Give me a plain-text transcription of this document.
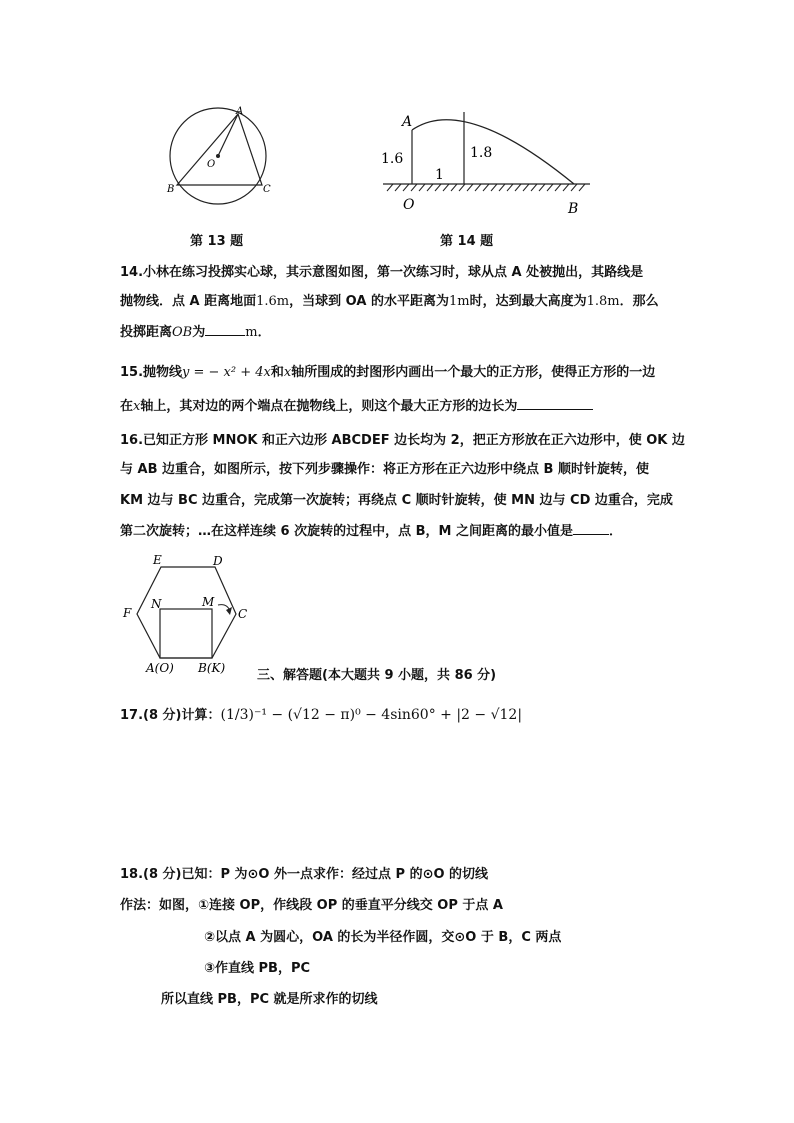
A
O
B	C
第 13 题
A
1.6	1.8
1
O	B
第 14 题
14.小林在练习投掷实心球，其示意图如图，第一次练习时，球从点 A 处被抛出，其路线是
抛物线．点 A 距离地面1.6m，当球到 OA 的水平距离为1m时，达到最大高度为1.8m．那么
投掷距离OB为	m．
15.抛物线y = − x² + 4x和x轴所围成的封图形内画出一个最大的正方形，使得正方形的一边
在x轴上，其对边的两个端点在抛物线上，则这个最大正方形的边长为
16.已知正方形 MNOK 和正六边形 ABCDEF 边长均为 2，把正方形放在正六边形中，使 OK 边
与 AB 边重合，如图所示，按下列步骤操作：将正方形在正六边形中绕点 B 顺时针旋转，使
KM 边与 BC 边重合，完成第一次旋转；再绕点 C 顺时针旋转，使 MN 边与 CD 边重合，完成
第二次旋转；…在这样连续 6 次旋转的过程中，点 B，M 之间距离的最小值是	．
E	D
F	C
N	M
A(O) B(K) 三、解答题(本大题共 9 小题，共 86 分)
17.(8 分)计算：(1/3)⁻¹ − (√12 − π)⁰ − 4sin60° + |2 − √12|
18.(8 分)已知：P 为⊙O 外一点求作：经过点 P 的⊙O 的切线
作法：如图，①连接 OP，作线段 OP 的垂直平分线交 OP 于点 A
②以点 A 为圆心，OA 的长为半径作圆，交⊙O 于 B，C 两点
③作直线 PB，PC
所以直线 PB，PC 就是所求作的切线
